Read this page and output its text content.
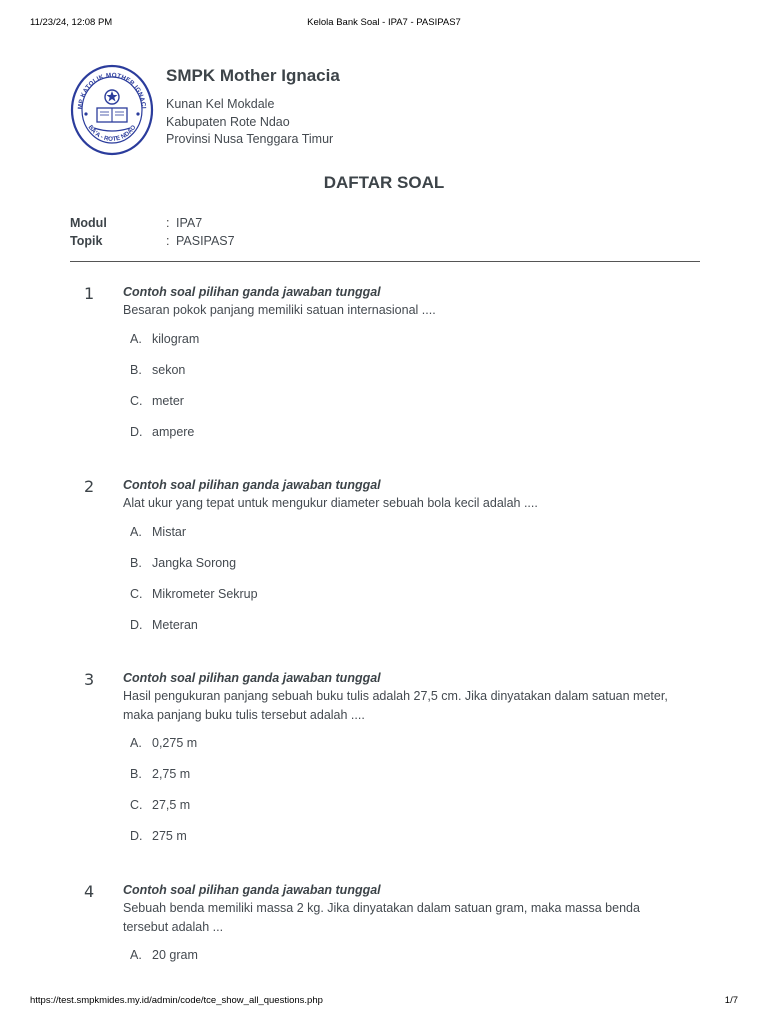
11/23/24, 12:08 PM	Kelola Bank Soal - IPA7 - PASIPAS7
MP KATOLIK MOTHER IGNACI
BA'A - ROTE NDAO
SMPK Mother Ignacia
Kunan Kel Mokdale
Kabupaten Rote Ndao
Provinsi Nusa Tenggara Timur
DAFTAR SOAL
Modul	: IPA7
Topik	: PASIPAS7
1 Contoh soal pilihan ganda jawaban tunggal
Besaran pokok panjang memiliki satuan internasional ....
A. kilogram
B. sekon
C. meter
D. ampere
2 Contoh soal pilihan ganda jawaban tunggal
Alat ukur yang tepat untuk mengukur diameter sebuah bola kecil adalah ....
A. Mistar
B. Jangka Sorong
C. Mikrometer Sekrup
D. Meteran
3 Contoh soal pilihan ganda jawaban tunggal
Hasil pengukuran panjang sebuah buku tulis adalah 27,5 cm. Jika dinyatakan dalam satuan meter,
maka panjang buku tulis tersebut adalah ....
A. 0,275 m
B. 2,75 m
C. 27,5 m
D. 275 m
4 Contoh soal pilihan ganda jawaban tunggal
Sebuah benda memiliki massa 2 kg. Jika dinyatakan dalam satuan gram, maka massa benda
tersebut adalah ...
A. 20 gram
https://test.smpkmides.my.id/admin/code/tce_show_all_questions.php	1/7
